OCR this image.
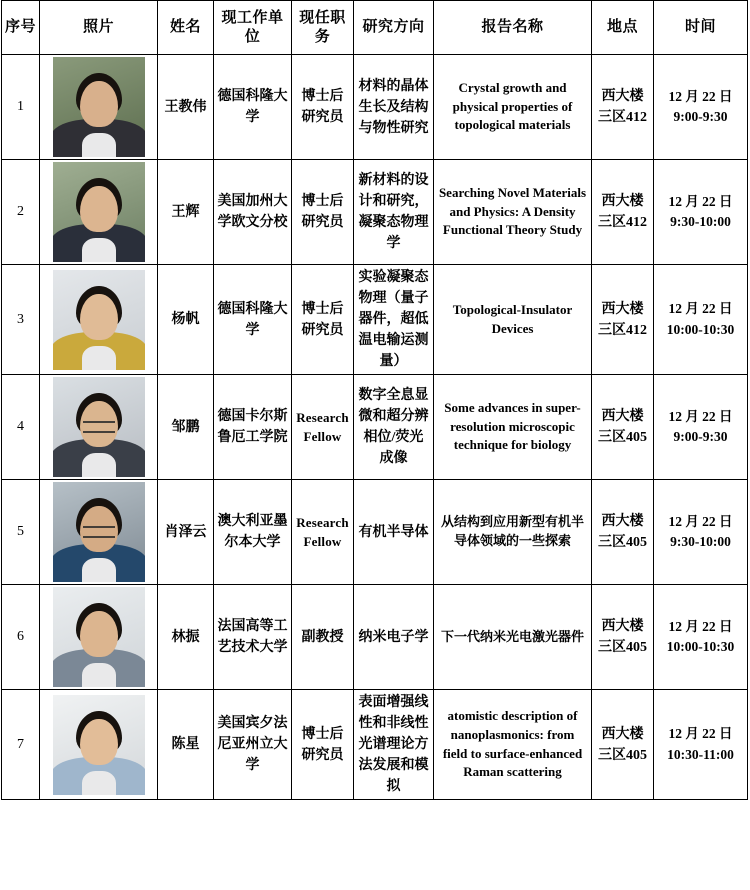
序号	照片	姓名	现工作单位	现任职务	研究方向	报告名称	地点	时间
1		王教伟	德国科隆大学	博士后研究员	材料的晶体生长及结构与物性研究	Crystal growth and physical properties of topological materials	西大楼三区412	12 月 22 日 9:00-9:30
2		王辉	美国加州大学欧文分校	博士后研究员	新材料的设计和研究，凝聚态物理学	Searching Novel Materials and Physics: A Density Functional Theory Study	西大楼三区412	12 月 22 日 9:30-10:00
3		杨帆	德国科隆大学	博士后研究员	实验凝聚态物理（量子器件，超低温电输运测量）	Topological-Insulator Devices	西大楼三区412	12 月 22 日 10:00-10:30
4		邹鹏	德国卡尔斯鲁厄工学院	Research Fellow	数字全息显微和超分辨相位/荧光成像	Some advances in super-resolution microscopic technique for biology	西大楼三区405	12 月 22 日 9:00-9:30
5		肖泽云	澳大利亚墨尔本大学	Research Fellow	有机半导体	从结构到应用新型有机半导体领域的一些探索	西大楼三区405	12 月 22 日 9:30-10:00
6		林振	法国高等工艺技术大学	副教授	纳米电子学	下一代纳米光电激光器件	西大楼三区405	12 月 22 日 10:00-10:30
7		陈星	美国宾夕法尼亚州立大学	博士后研究员	表面增强线性和非线性光谱理论方法发展和模拟	atomistic description of nanoplasmonics: from field to surface-enhanced Raman scattering	西大楼三区405	12 月 22 日 10:30-11:00
